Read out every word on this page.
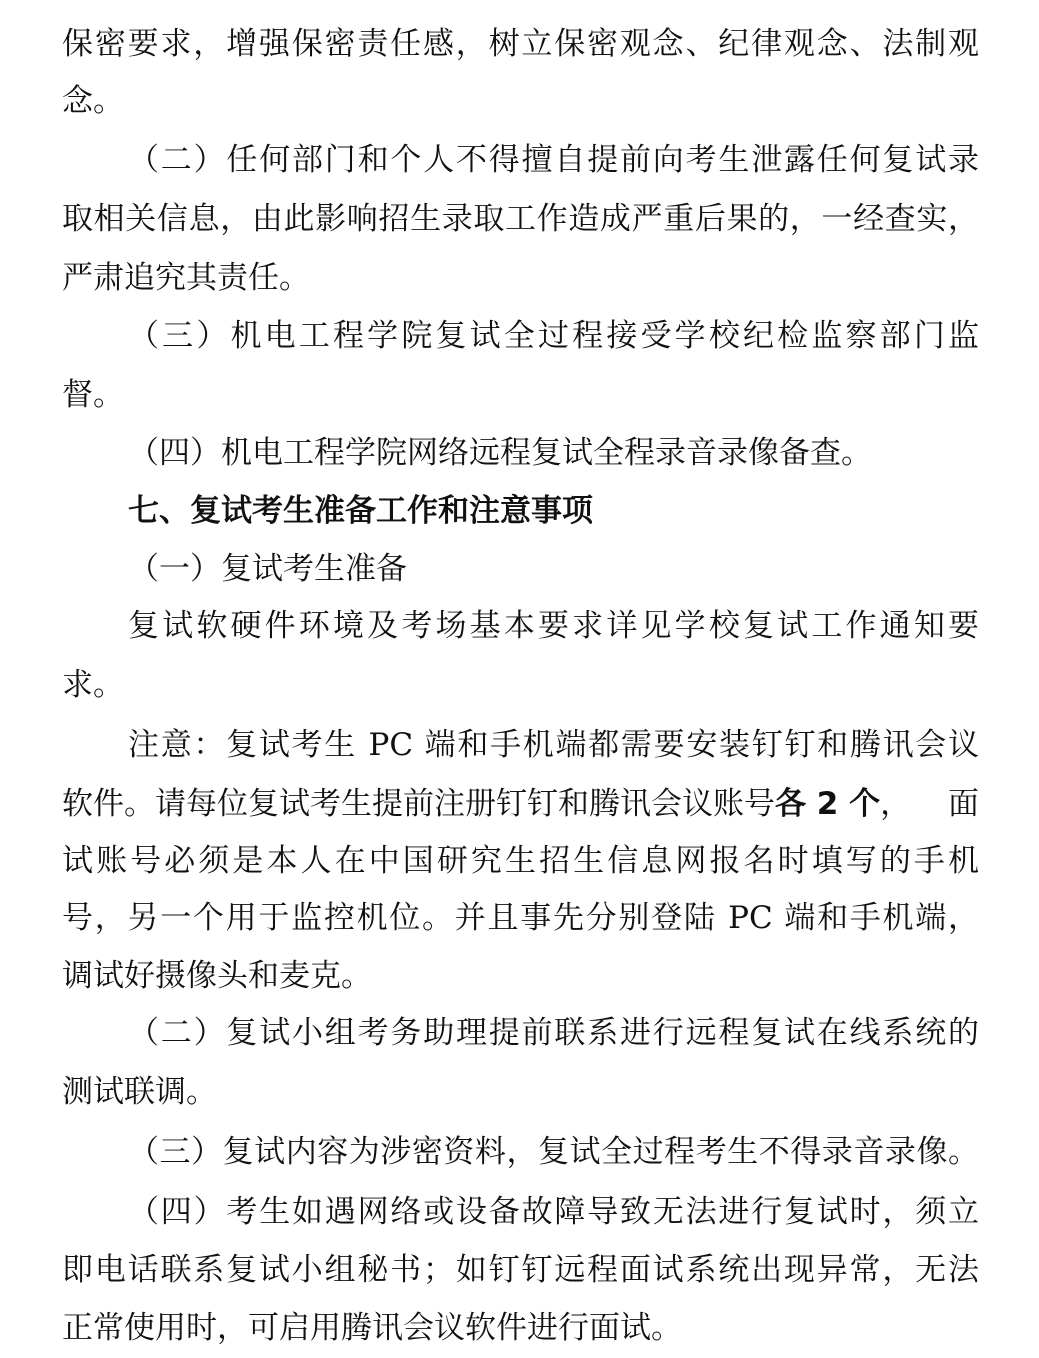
保密要求，增强保密责任感，树立保密观念、纪律观念、法制观
念。
（二）任何部门和个人不得擅自提前向考生泄露任何复试录
取相关信息，由此影响招生录取工作造成严重后果的，一经查实，
严肃追究其责任。
（三）机电工程学院复试全过程接受学校纪检监察部门监
督。
（四）机电工程学院网络远程复试全程录音录像备查。
七、复试考生准备工作和注意事项
（一）复试考生准备
复试软硬件环境及考场基本要求详见学校复试工作通知要
求。
注意：复试考生 PC 端和手机端都需要安装钉钉和腾讯会议
软件。请每位复试考生提前注册钉钉和腾讯会议账号各 2 个， 面
试账号必须是本人在中国研究生招生信息网报名时填写的手机
号，另一个用于监控机位。并且事先分别登陆 PC 端和手机端，
调试好摄像头和麦克。
（二）复试小组考务助理提前联系进行远程复试在线系统的
测试联调。
（三）复试内容为涉密资料，复试全过程考生不得录音录像。
（四）考生如遇网络或设备故障导致无法进行复试时，须立
即电话联系复试小组秘书；如钉钉远程面试系统出现异常，无法
正常使用时，可启用腾讯会议软件进行面试。
